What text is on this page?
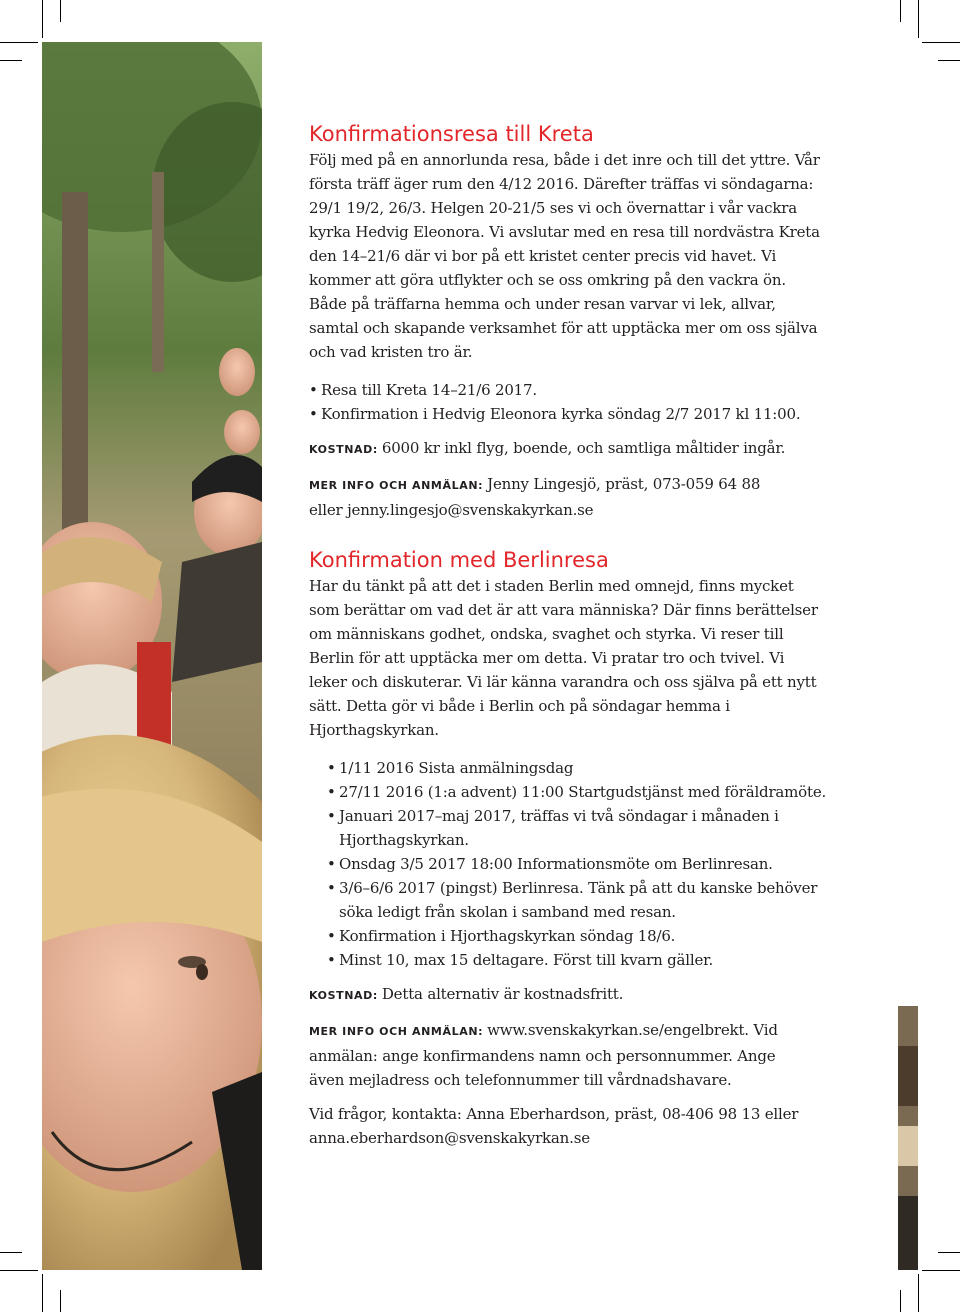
Konfirmationsresa till Kreta

Följ med på en annorlunda resa, både i det inre och till det yttre. Vår första träff äger rum den 4/12 2016. Därefter träffas vi söndagarna: 29/1 19/2, 26/3. Helgen 20-21/5 ses vi och övernattar i vår vackra kyrka Hedvig Eleonora. Vi avslutar med en resa till nordvästra Kreta den 14–21/6 där vi bor på ett kristet center precis vid havet. Vi kommer att göra utflykter och se oss omkring på den vackra ön. Både på träffarna hemma och under resan varvar vi lek, allvar, samtal och skapande verksamhet för att upptäcka mer om oss själva och vad kristen tro är.

• Resa till Kreta 14–21/6 2017.
• Konfirmation i Hedvig Eleonora kyrka söndag 2/7 2017 kl 11:00.

KOSTNAD: 6000 kr inkl flyg, boende, och samtliga måltider ingår.

MER INFO OCH ANMÄLAN: Jenny Lingesjö, präst, 073-059 64 88 eller jenny.lingesjo@svenskakyrkan.se

Konfirmation med Berlinresa

Har du tänkt på att det i staden Berlin med omnejd, finns mycket som berättar om vad det är att vara människa? Där finns berättelser om människans godhet, ondska, svaghet och styrka. Vi reser till Berlin för att upptäcka mer om detta. Vi pratar tro och tvivel. Vi leker och diskuterar. Vi lär känna varandra och oss själva på ett nytt sätt. Detta gör vi både i Berlin och på söndagar hemma i Hjorthagskyrkan.

• 1/11 2016 Sista anmälningsdag
• 27/11 2016 (1:a advent) 11:00 Startgudstjänst med föräldramöte.
• Januari 2017–maj 2017, träffas vi två söndagar i månaden i Hjorthagskyrkan.
• Onsdag 3/5 2017 18:00 Informationsmöte om Berlinresan.
• 3/6–6/6 2017 (pingst) Berlinresa. Tänk på att du kanske behöver söka ledigt från skolan i samband med resan.
• Konfirmation i Hjorthagskyrkan söndag 18/6.
• Minst 10, max 15 deltagare. Först till kvarn gäller.

KOSTNAD: Detta alternativ är kostnadsfritt.

MER INFO OCH ANMÄLAN: www.svenskakyrkan.se/engelbrekt. Vid anmälan: ange konfirmandens namn och personnummer. Ange även mejladress och telefonnummer till vårdnadshavare.

Vid frågor, kontakta: Anna Eberhardson, präst, 08-406 98 13 eller anna.eberhardson@svenskakyrkan.se
